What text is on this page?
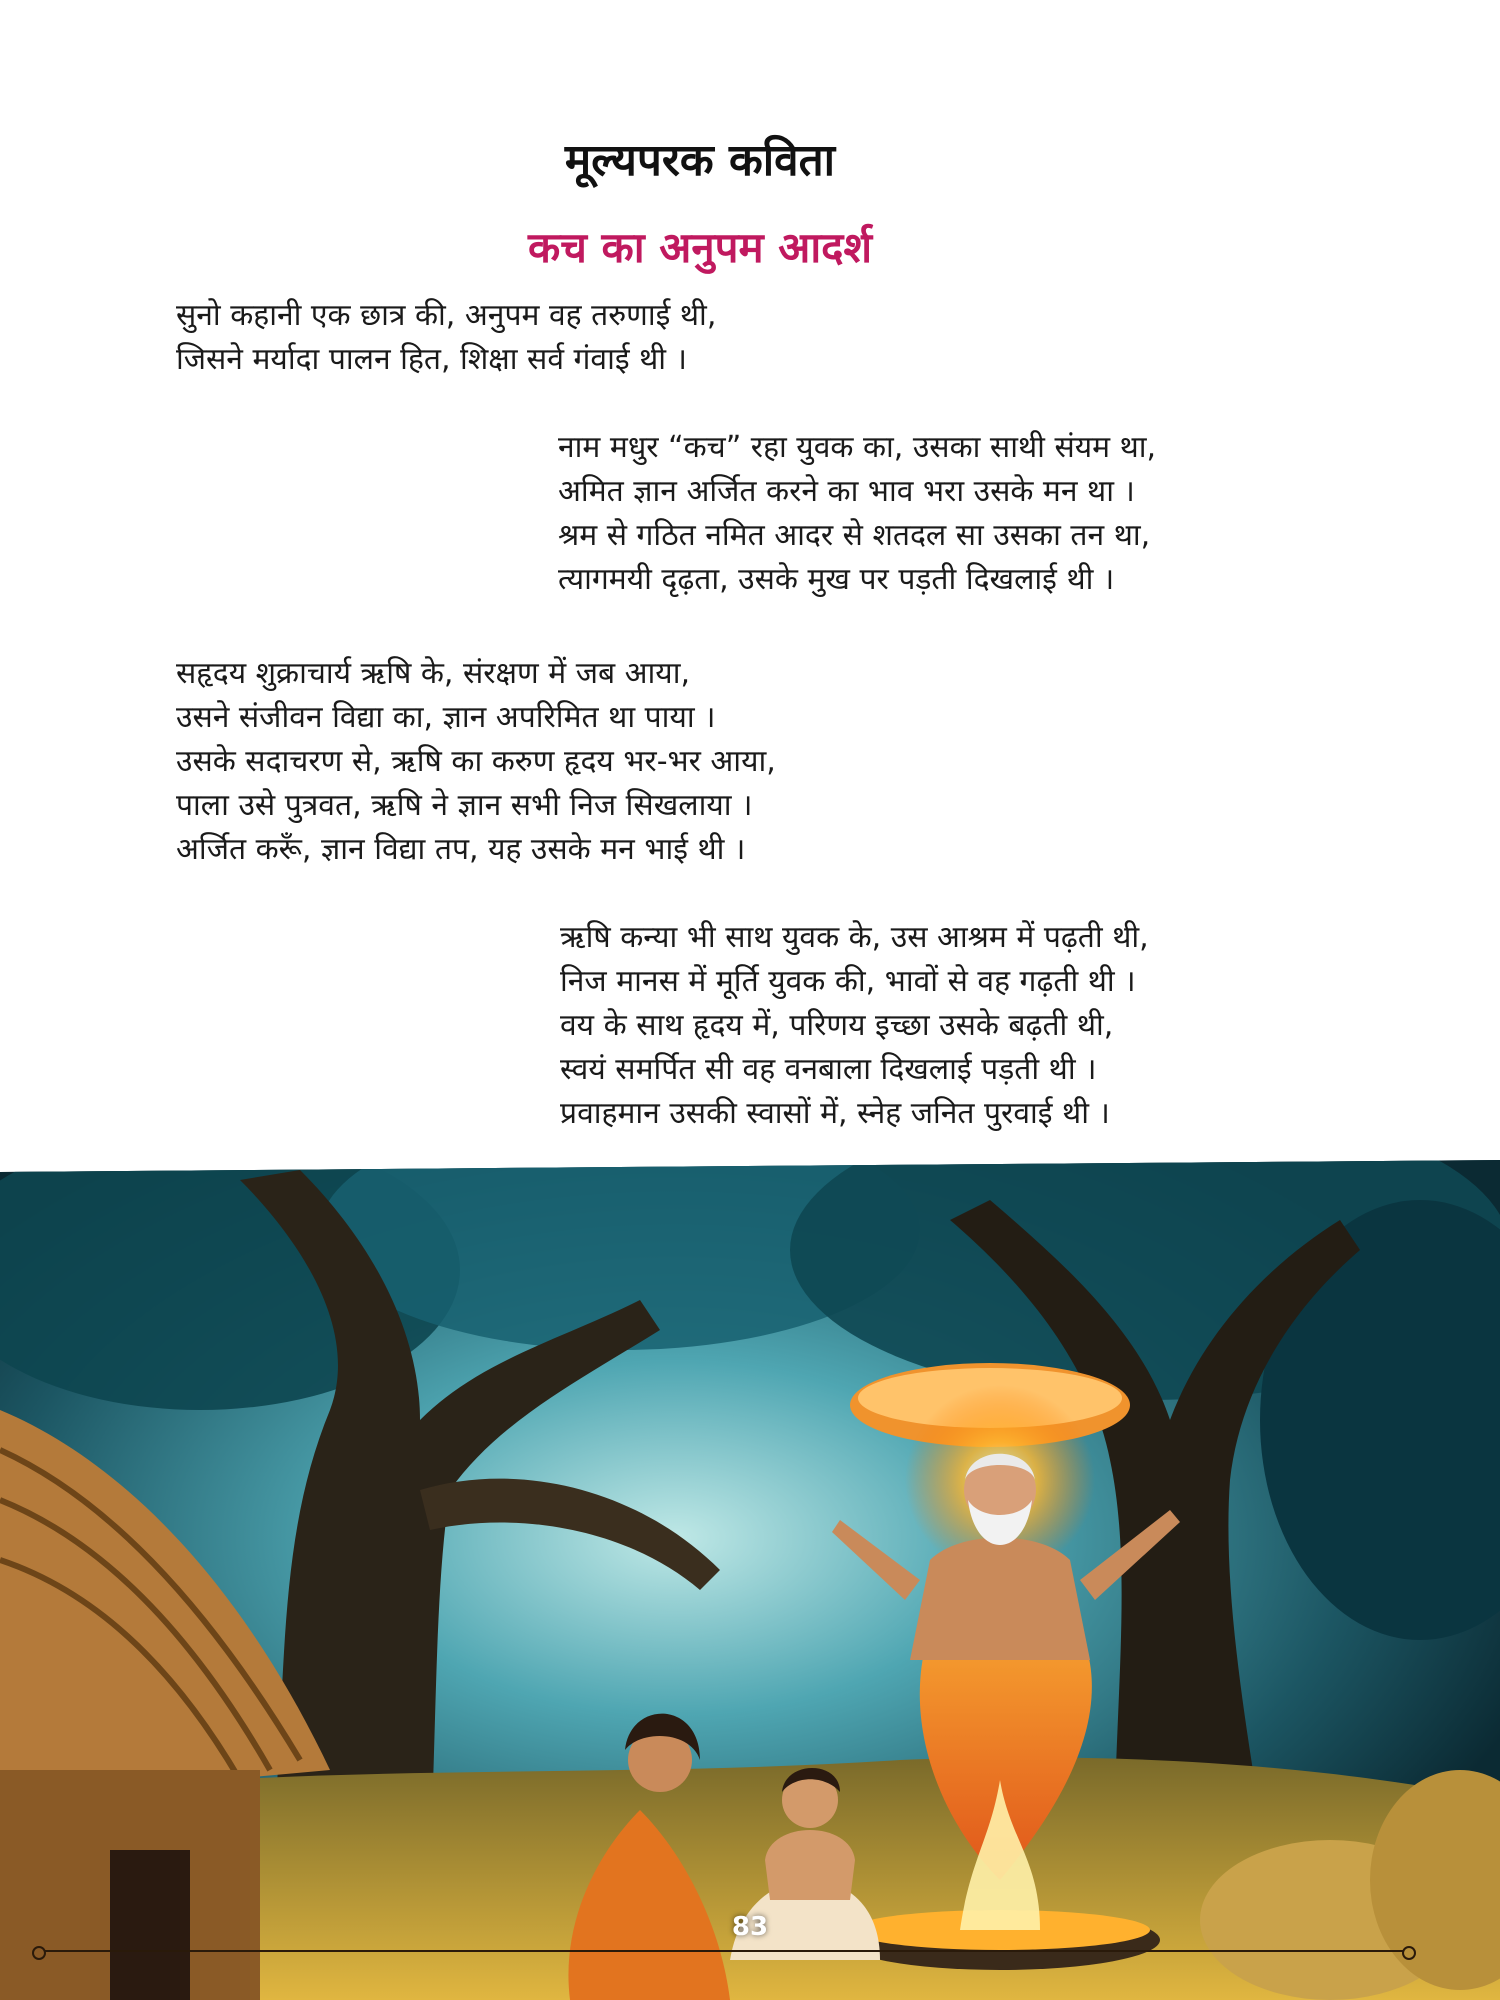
मूल्यपरक कविता
कच का अनुपम आदर्श
सुनो कहानी एक छात्र की, अनुपम वह तरुणाई थी,
जिसने मर्यादा पालन हित, शिक्षा सर्व गंवाई थी ।
नाम मधुर “कच” रहा युवक का, उसका साथी संयम था,
अमित ज्ञान अर्जित करने का भाव भरा उसके मन था ।
श्रम से गठित नमित आदर से शतदल सा उसका तन था,
त्यागमयी दृढ़ता, उसके मुख पर पड़ती दिखलाई थी ।
सहृदय शुक्राचार्य ऋषि के, संरक्षण में जब आया,
उसने संजीवन विद्या का, ज्ञान अपरिमित था पाया ।
उसके सदाचरण से, ऋषि का करुण हृदय भर-भर आया,
पाला उसे पुत्रवत, ऋषि ने ज्ञान सभी निज सिखलाया ।
अर्जित करूँ, ज्ञान विद्या तप, यह उसके मन भाई थी ।
ऋषि कन्या भी साथ युवक के, उस आश्रम में पढ़ती थी,
निज मानस में मूर्ति युवक की, भावों से वह गढ़ती थी ।
वय के साथ हृदय में, परिणय इच्छा उसके बढ़ती थी,
स्वयं समर्पित सी वह वनबाला दिखलाई पड़ती थी ।
प्रवाहमान उसकी स्वासों में, स्नेह जनित पुरवाई थी ।
83
